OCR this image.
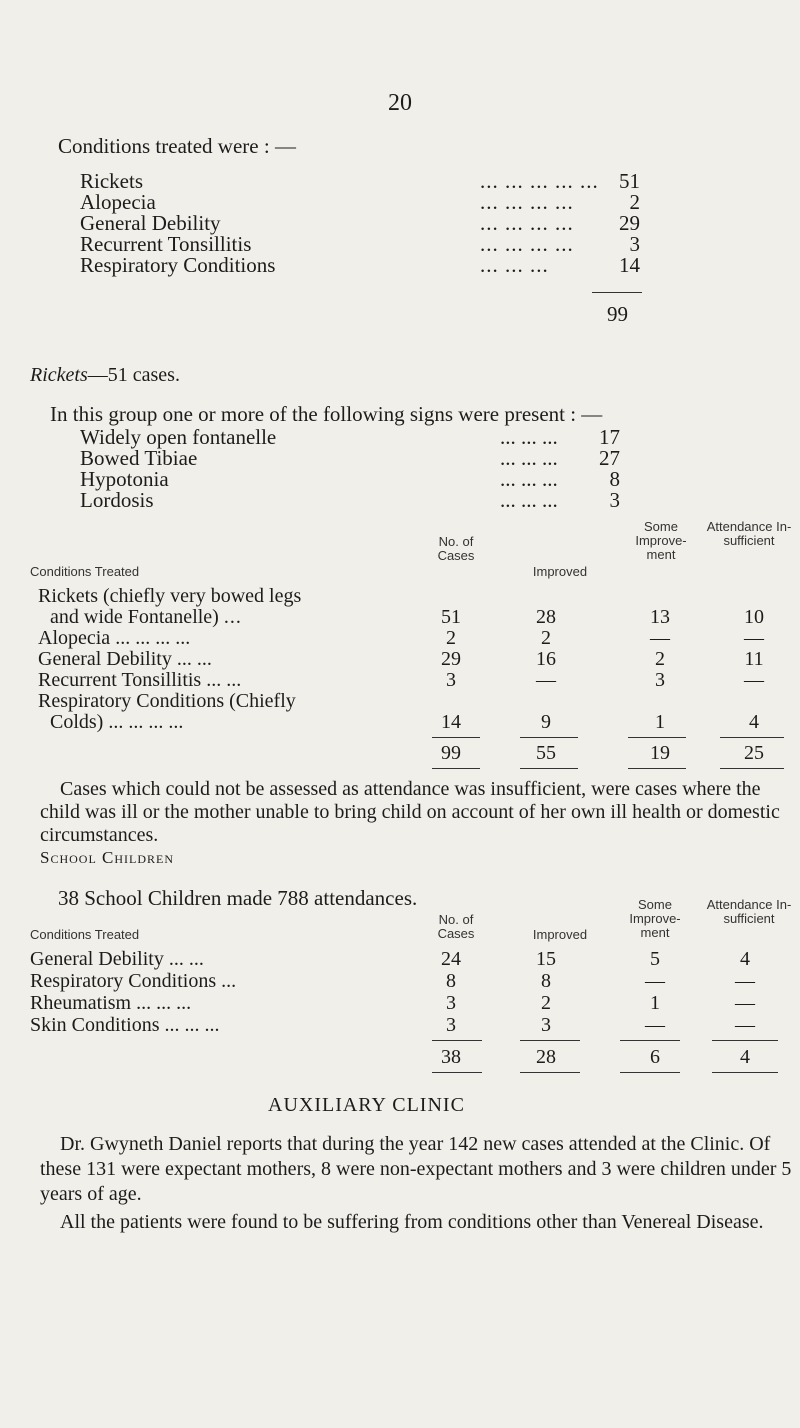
20
Conditions treated were : —
Rickets	... ... ... ... ... 51
Alopecia	... ... ... ...	2
General Debility	... ... ... ... 29
Recurrent Tonsillitis	... ... ... ...	3
Respiratory Conditions	... ... ...	14
99
Rickets—51 cases.
In this group one or more of the following signs were present : —
Widely open fontanelle	... ... ... 17
Bowed Tibiae	... ... ... 27
Hypotonia	... ... ...	8
Lordosis	... ... ...	3
Conditions Treated
No. of Cases
Improved
Some Improve- ment
Attendance In- sufficient
Rickets (chiefly very bowed legs
and wide Fontanelle) ...	51	28	13	10
Alopecia ... ... ... ...	2	2	—	—
General Debility ... ...	29	16	2	11
Recurrent Tonsillitis ... ...	3	—	3	—
Respiratory Conditions (Chiefly
Colds) ... ... ... ...	14	9	1	4
99	55	19	25
Cases which could not be assessed as attendance was insufficient, were cases where the child was ill or the mother unable to bring child on account of her own ill health or domestic circumstances.
School Children
38 School Children made 788 attendances.
Conditions Treated
No. of Cases	Improved
Some Improve- ment
Attendance In- sufficient
General Debility ... ...	24	15	5	4
Respiratory Conditions ...	8	8	—	—
Rheumatism ... ... ...	3	2	1	—
Skin Conditions ... ... ...	3	3	—	—
38	28	6	4
AUXILIARY CLINIC
Dr. Gwyneth Daniel reports that during the year 142 new cases attended at the Clinic. Of these 131 were expectant mothers, 8 were non-expectant mothers and 3 were children under 5 years of age.
All the patients were found to be suffering from conditions other than Venereal Disease.
